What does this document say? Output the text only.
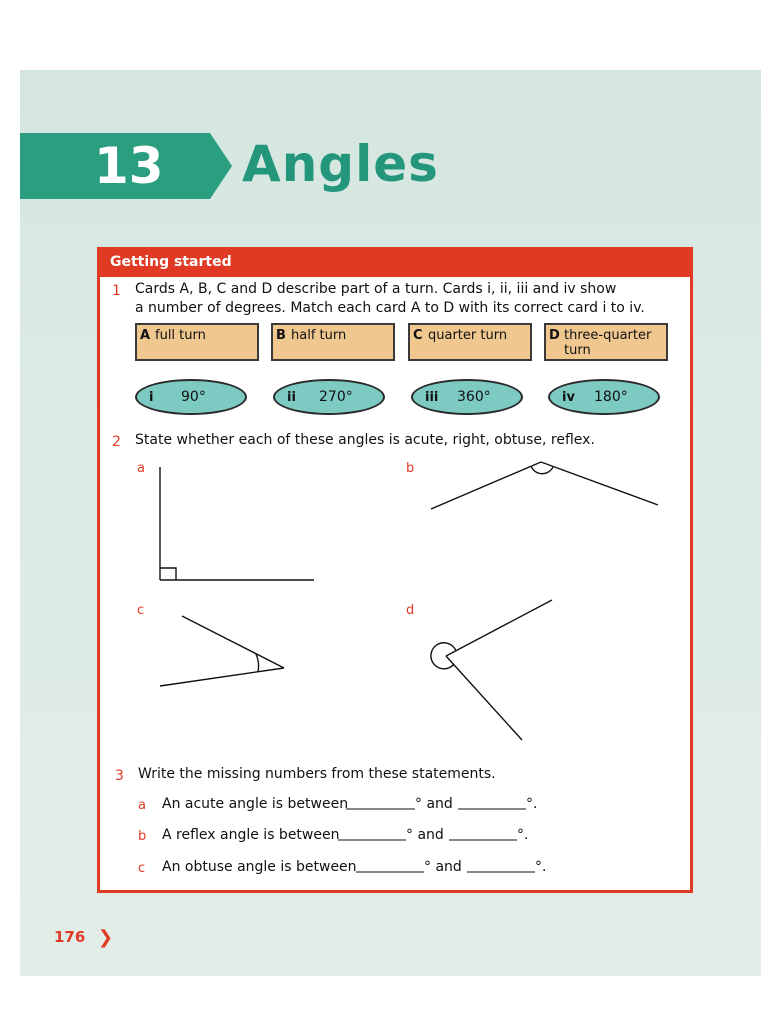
13	Angles
Getting started
1 Cards A, B, C and D describe part of a turn. Cards i, ii, iii and iv show
a number of degrees. Match each card A to D with its correct card i to iv.
A full turn	B half turn	C quarter turn	D three-quarter turn
i 90°	ii 270°	iii 360°	iv 180°
2 State whether each of these angles is acute, right, obtuse, reflex.
a	b
c	d
3 Write the missing numbers from these statements.
a An acute angle is between	° and	°.
b A reflex angle is between	° and	°.
c An obtuse angle is between	° and	°.
176 ❯
